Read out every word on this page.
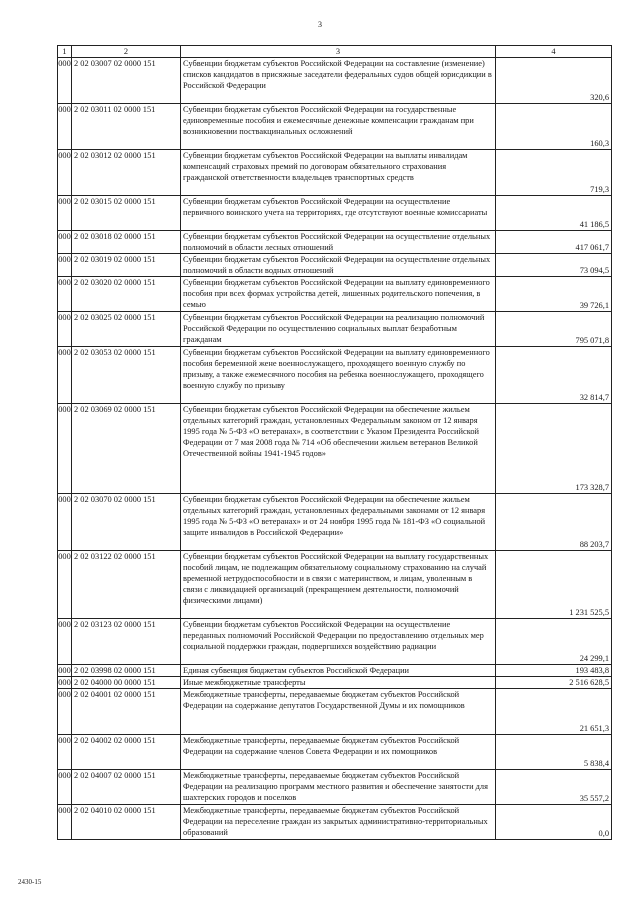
3
1	2	3	4
000	2 02 03007 02 0000 151	Субвенции бюджетам субъектов Российской Федерации на составление (изменение) списков кандидатов в присяжные заседатели федеральных судов общей юрисдикции в Российской Федерации	320,6
000	2 02 03011 02 0000 151	Субвенции бюджетам субъектов Российской Федерации на государственные единовременные пособия и ежемесячные денежные компенсации гражданам при возникновении поствакцинальных осложнений	160,3
000	2 02 03012 02 0000 151	Субвенции бюджетам субъектов Российской Федерации на выплаты инвалидам компенсаций страховых премий по договорам обязательного страхования гражданской ответственности владельцев транспортных средств	719,3
000	2 02 03015 02 0000 151	Субвенции бюджетам субъектов Российской Федерации на осуществление первичного воинского учета на территориях, где отсутствуют военные комиссариаты	41 186,5
000	2 02 03018 02 0000 151	Субвенции бюджетам субъектов Российской Федерации на осуществление отдельных полномочий в области лесных отношений	417 061,7
000	2 02 03019 02 0000 151	Субвенции бюджетам субъектов Российской Федерации на осуществление отдельных полномочий в области водных отношений	73 094,5
000	2 02 03020 02 0000 151	Субвенции бюджетам субъектов Российской Федерации на выплату единовременного пособия при всех формах устройства детей, лишенных родительского попечения, в семью	39 726,1
000	2 02 03025 02 0000 151	Субвенции бюджетам субъектов Российской Федерации на реализацию полномочий Российской Федерации по осуществлению социальных выплат безработным гражданам	795 071,8
000	2 02 03053 02 0000 151	Субвенции бюджетам субъектов Российской Федерации на выплату единовременного пособия беременной жене военнослужащего, проходящего военную службу по призыву, а также ежемесячного пособия на ребенка военнослужащего, проходящего военную службу по призыву	32 814,7
000	2 02 03069 02 0000 151	Субвенции бюджетам субъектов Российской Федерации на обеспечение жильем отдельных категорий граждан, установленных Федеральным законом от 12 января 1995 года № 5-ФЗ «О ветеранах», в соответствии с Указом Президента Российской Федерации от 7 мая 2008 года № 714 «Об обеспечении жильем ветеранов Великой Отечественной войны 1941-1945 годов»	173 328,7
000	2 02 03070 02 0000 151	Субвенции бюджетам субъектов Российской Федерации на обеспечение жильем отдельных категорий граждан, установленных федеральными законами от 12 января 1995 года № 5-ФЗ «О ветеранах» и от 24 ноября 1995 года № 181-ФЗ «О социальной защите инвалидов в Российской Федерации»	88 203,7
000	2 02 03122 02 0000 151	Субвенции бюджетам субъектов Российской Федерации на выплату государственных пособий лицам, не подлежащим обязательному социальному страхованию на случай временной нетрудоспособности и в связи с материнством, и лицам, уволенным в связи с ликвидацией организаций (прекращением деятельности, полномочий физическими лицами)	1 231 525,5
000	2 02 03123 02 0000 151	Субвенции бюджетам субъектов Российской Федерации на осуществление переданных полномочий Российской Федерации по предоставлению отдельных мер социальной поддержки граждан, подвергшихся воздействию радиации	24 299,1
000	2 02 03998 02 0000 151	Единая субвенция бюджетам субъектов Российской Федерации	193 483,8
000	2 02 04000 00 0000 151	Иные межбюджетные трансферты	2 516 628,5
000	2 02 04001 02 0000 151	Межбюджетные трансферты, передаваемые бюджетам субъектов Российской Федерации на содержание депутатов Государственной Думы и их помощников	21 651,3
000	2 02 04002 02 0000 151	Межбюджетные трансферты, передаваемые бюджетам субъектов Российской Федерации на содержание членов Совета Федерации и их помощников	5 838,4
000	2 02 04007 02 0000 151	Межбюджетные трансферты, передаваемые бюджетам субъектов Российской Федерации на реализацию программ местного развития и обеспечение занятости для шахтерских городов и поселков	35 557,2
000	2 02 04010 02 0000 151	Межбюджетные трансферты, передаваемые бюджетам субъектов Российской Федерации на переселение граждан из закрытых административно-территориальных образований	0,0
2430-15
